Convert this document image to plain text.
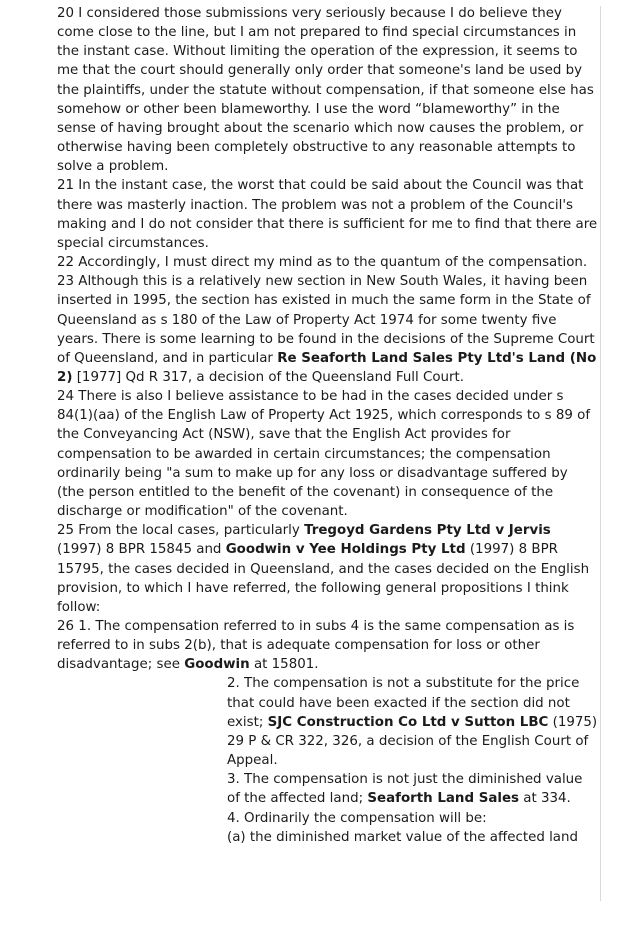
20 I considered those submissions very seriously because I do believe they come close to the line, but I am not prepared to find special circumstances in the instant case. Without limiting the operation of the expression, it seems to me that the court should generally only order that someone's land be used by the plaintiffs, under the statute without compensation, if that someone else has somehow or other been blameworthy. I use the word “blameworthy” in the sense of having brought about the scenario which now causes the problem, or otherwise having been completely obstructive to any reasonable attempts to solve a problem.

21 In the instant case, the worst that could be said about the Council was that there was masterly inaction. The problem was not a problem of the Council's making and I do not consider that there is sufficient for me to find that there are special circumstances.

22 Accordingly, I must direct my mind as to the quantum of the compensation.

23 Although this is a relatively new section in New South Wales, it having been inserted in 1995, the section has existed in much the same form in the State of Queensland as s 180 of the Law of Property Act 1974 for some twenty five years. There is some learning to be found in the decisions of the Supreme Court of Queensland, and in particular Re Seaforth Land Sales Pty Ltd's Land (No 2) [1977] Qd R 317, a decision of the Queensland Full Court.

24 There is also I believe assistance to be had in the cases decided under s 84(1)(aa) of the English Law of Property Act 1925, which corresponds to s 89 of the Conveyancing Act (NSW), save that the English Act provides for compensation to be awarded in certain circumstances; the compensation ordinarily being "a sum to make up for any loss or disadvantage suffered by (the person entitled to the benefit of the covenant) in consequence of the discharge or modification" of the covenant.

25 From the local cases, particularly Tregoyd Gardens Pty Ltd v Jervis (1997) 8 BPR 15845 and Goodwin v Yee Holdings Pty Ltd (1997) 8 BPR 15795, the cases decided in Queensland, and the cases decided on the English provision, to which I have referred, the following general propositions I think follow:

26 1. The compensation referred to in subs 4 is the same compensation as is referred to in subs 2(b), that is adequate compensation for loss or other disadvantage; see Goodwin at 15801.

2. The compensation is not a substitute for the price that could have been exacted if the section did not exist; SJC Construction Co Ltd v Sutton LBC (1975) 29 P & CR 322, 326, a decision of the English Court of Appeal.

3. The compensation is not just the diminished value of the affected land; Seaforth Land Sales at 334.

4. Ordinarily the compensation will be:

(a) the diminished market value of the affected land
